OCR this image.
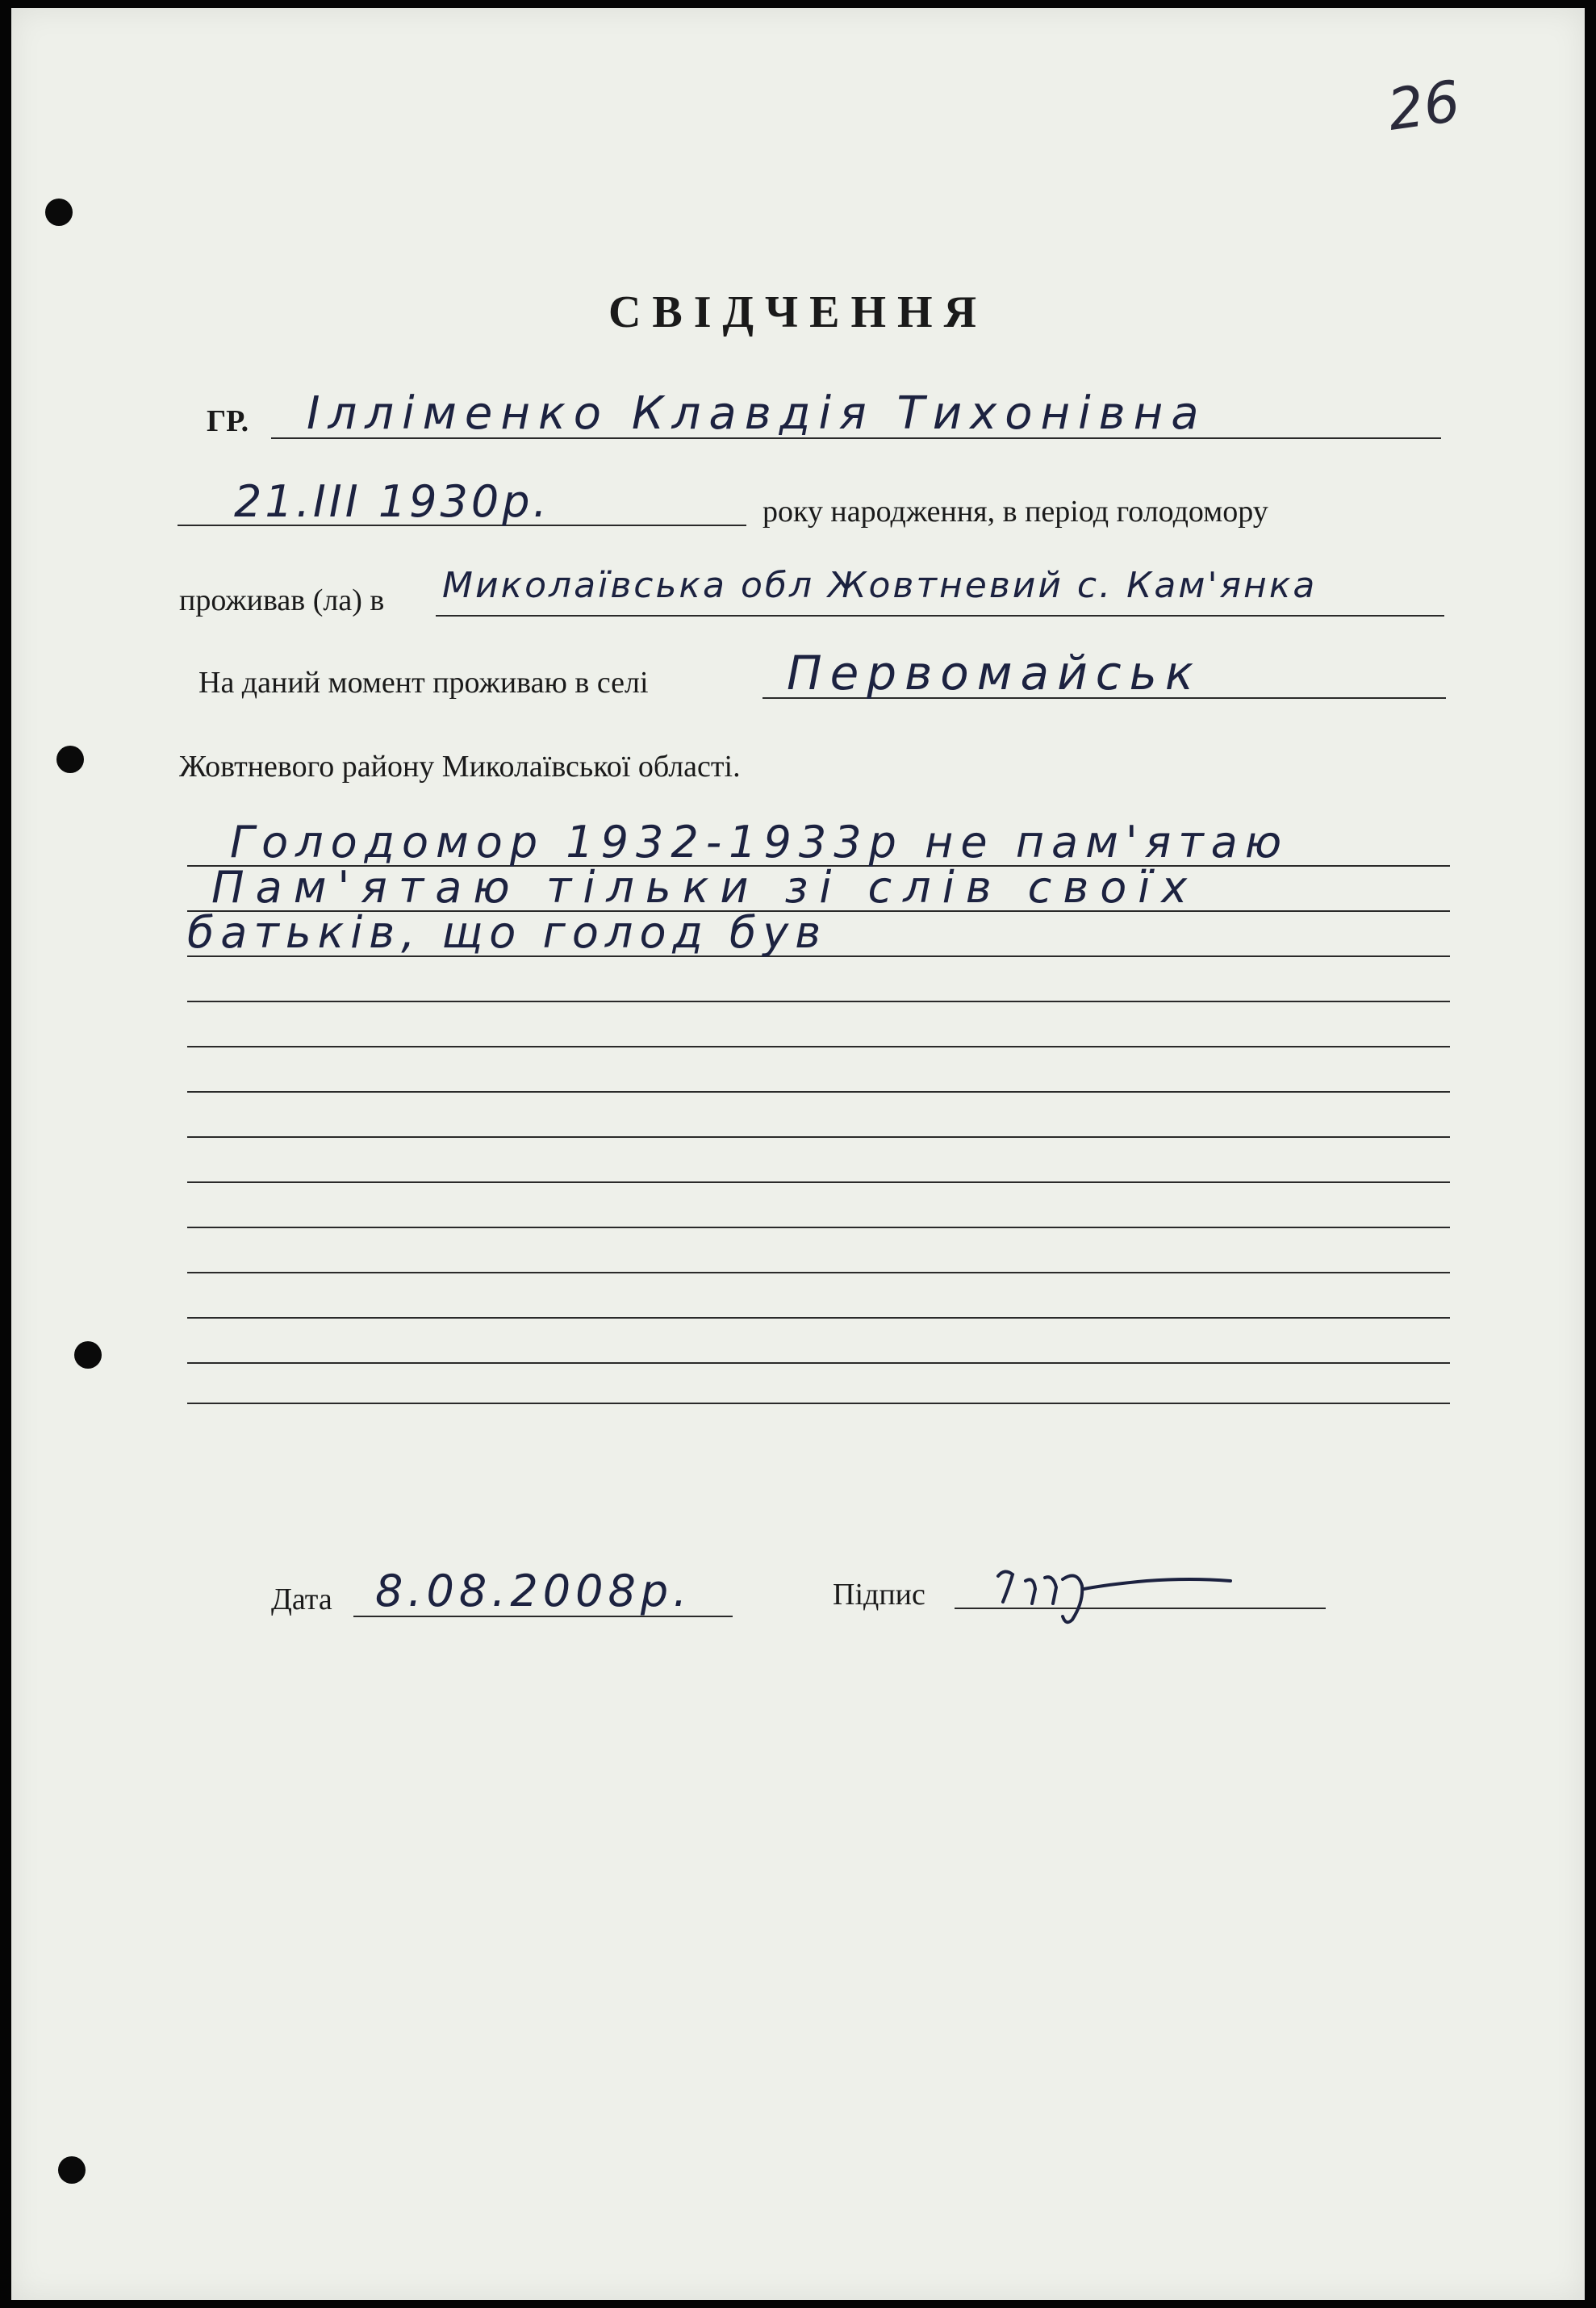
26
СВІДЧЕННЯ
ГР. Ілліменко Клавдія Тихонівна
21.ІІІ 1930р.	року народження, в період голодомору
проживав (ла) в Миколаївська обл Жовтневий с. Кам'янка
На даний момент проживаю в селі	Первомайськ
Жовтневого району Миколаївської області.
Голодомор 1932-1933р не пам'ятаю
Пам'ятаю тільки зі слів своїх
батьків, що голод був
Дата 8.08.2008р.	Підпис
